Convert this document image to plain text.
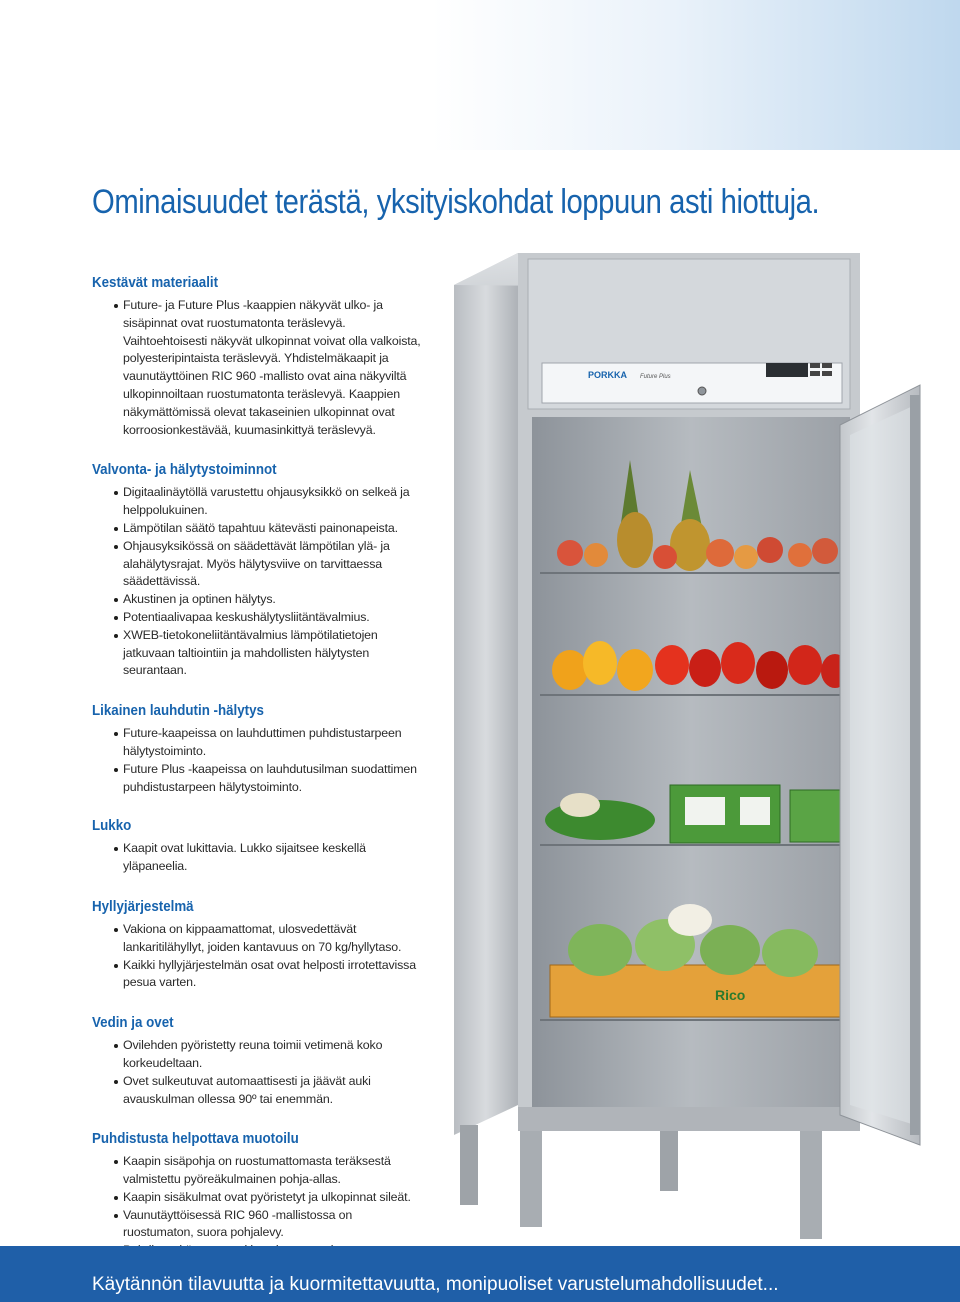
Ominaisuudet terästä, yksityiskohdat loppuun asti hiottuja.
Kestävät materiaalit
Future- ja Future Plus -kaappien näkyvät ulko- ja sisäpinnat ovat ruostumatonta teräslevyä. Vaihtoehtoisesti näkyvät ulkopinnat voivat olla valkoista, polyesteripintaista teräslevyä. Yhdistelmäkaapit ja vaunutäyttöinen RIC 960 -mallisto ovat aina näkyviltä ulkopinnoiltaan ruostumatonta teräslevyä. Kaappien näkymättömissä olevat takaseinien ulkopinnat ovat korroosionkestävää, kuumasinkittyä teräslevyä.
Valvonta- ja hälytystoiminnot
Digitaalinäytöllä varustettu ohjausyksikkö on selkeä ja helppolukuinen.
Lämpötilan säätö tapahtuu kätevästi painonapeista.
Ohjausyksikössä on säädettävät lämpötilan ylä- ja alahälytysrajat. Myös hälytysviive on tarvittaessa säädettävissä.
Akustinen ja optinen hälytys.
Potentiaalivapaa keskushälytysliitäntävalmius.
XWEB-tietokoneliitäntävalmius lämpötilatietojen jatkuvaan taltiointiin ja mahdollisten hälytysten seurantaan.
Likainen lauhdutin -hälytys
Future-kaapeissa on lauhduttimen puhdistustarpeen hälytystoiminto.
Future Plus -kaapeissa on lauhdutusilman suodattimen puhdistustarpeen hälytystoiminto.
Lukko
Kaapit ovat lukittavia. Lukko sijaitsee keskellä yläpaneelia.
Hyllyjärjestelmä
Vakiona on kippaamattomat, ulosvedettävät lankaritilähyllyt, joiden kantavuus on 70 kg/hyllytaso.
Kaikki hyllyjärjestelmän osat ovat helposti irrotettavissa pesua varten.
Vedin ja ovet
Ovilehden pyöristetty reuna toimii vetimenä koko korkeudeltaan.
Ovet sulkeutuvat automaattisesti ja jäävät auki avauskulman ollessa 90º tai enemmän.
Puhdistusta helpottava muotoilu
Kaapin sisäpohja on ruostumattomasta teräksestä valmistettu pyöreäkulmainen pohja-allas.
Kaapin sisäkulmat ovat pyöristetyt ja ulkopinnat sileät.
Vaunutäyttöisessä RIC 960 -mallistossa on ruostumaton, suora pohjalevy.
PORKKA Future Plus
Rico
Käytännön tilavuutta ja kuormitettavuutta, monipuoliset varustelumahdollisuudet...
